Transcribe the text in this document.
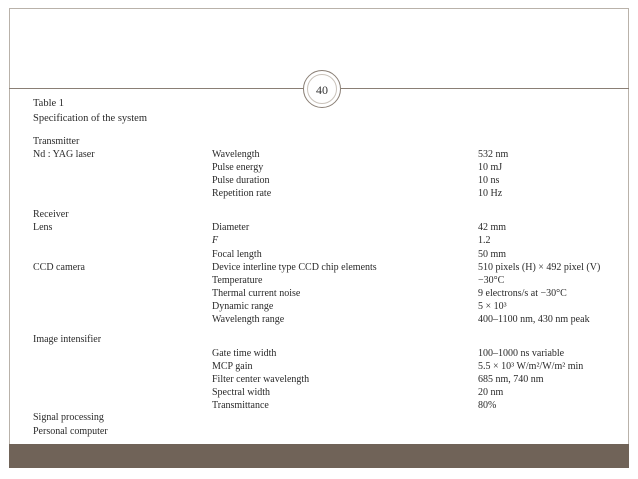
40
Table 1
Specification of the system
Transmitter
Nd : YAG laser	Wavelength	532 nm
Pulse energy	10 mJ
Pulse duration	10 ns
Repetition rate	10 Hz
Receiver
Lens	Diameter	42 mm
F	1.2
Focal length	50 mm
CCD camera	Device interline type CCD chip elements	510 pixels (H) × 492 pixel (V)
Temperature	−30°C
Thermal current noise	9 electrons/s at −30°C
Dynamic range	5 × 10³
Wavelength range	400–1100 nm, 430 nm peak
Image intensifier
Gate time width	100–1000 ns variable
MCP gain	5.5 × 10³ W/m²/W/m² min
Filter center wavelength	685 nm, 740 nm
Spectral width	20 nm
Transmittance	80%
Signal processing
Personal computer
